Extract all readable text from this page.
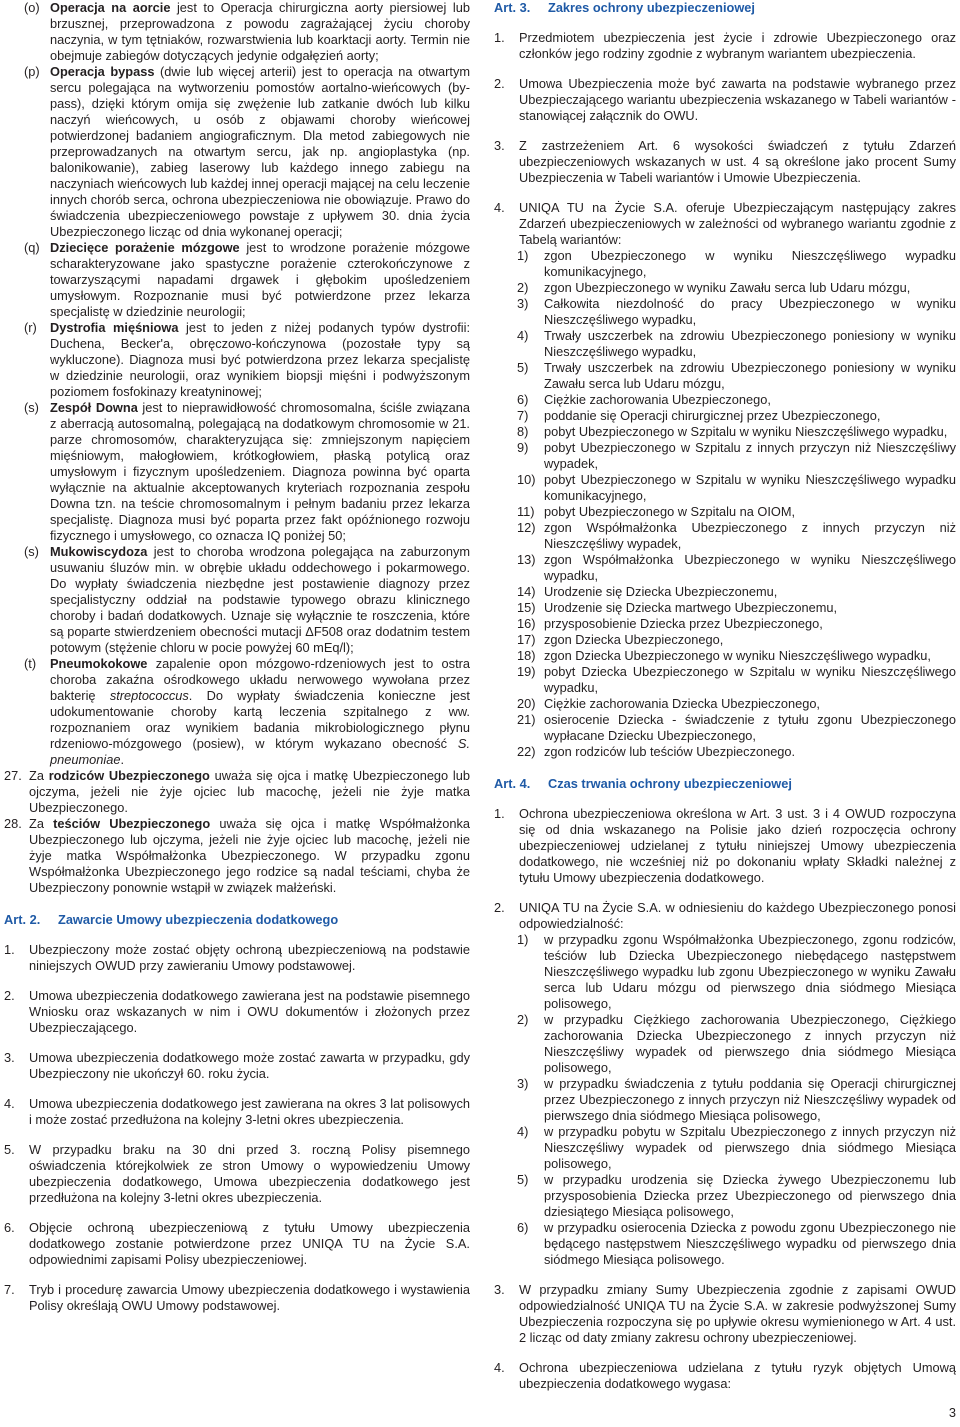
(o) Operacja na aorcie jest to Operacja chirurgiczna aorty piersiowej lub brzusznej, przeprowadzona z powodu zagrażającej życiu choroby naczynia, w tym tętniaków, rozwarstwienia lub koarktacji aorty. Termin nie obejmuje zabiegów dotyczących jedynie odgałęzień aorty;
(p) Operacja bypass (dwie lub więcej arterii) jest to operacja na otwartym sercu polegająca na wytworzeniu pomostów aortalno-wieńcowych (by-pass), dzięki którym omija się zwężenie lub zatkanie dwóch lub kilku naczyń wieńcowych, u osób z objawami choroby wieńcowej potwierdzonej badaniem angiograficznym. Dla metod zabiegowych nie przeprowadzanych na otwartym sercu, jak np. angioplastyka (np. balonikowanie), zabieg laserowy lub każdego innego zabiegu na naczyniach wieńcowych lub każdej innej operacji mającej na celu leczenie innych chorób serca, ochrona ubezpieczeniowa nie obowiązuje. Prawo do świadczenia ubezpieczeniowego powstaje z upływem 30. dnia życia Ubezpieczonego licząc od dnia wykonanej operacji;
(q) Dziecięce porażenie mózgowe jest to wrodzone porażenie mózgowe scharakteryzowane jako spastyczne porażenie czterokończynowe z towarzyszącymi napadami drgawek i głębokim upośledzeniem umysłowym. Rozpoznanie musi być potwierdzone przez lekarza specjalistę w dziedzinie neurologii;
(r) Dystrofia mięśniowa jest to jeden z niżej podanych typów dystrofii: Duchena, Becker'a, obręczowo-kończynowa (pozostałe typy są wykluczone). Diagnoza musi być potwierdzona przez lekarza specjalistę w dziedzinie neurologii, oraz wynikiem biopsji mięśni i podwyższonym poziomem fosfokinazy kreatyninowej;
(s) Zespół Downa jest to nieprawidłowość chromosomalna, ściśle związana z aberracją autosomalną, polegającą na dodatkowym chromosomie w 21. parze chromosomów, charakteryzująca się: zmniejszonym napięciem mięśniowym, małogłowiem, krótkogłowiem, płaską potylicą oraz umysłowym i fizycznym upośledzeniem. Diagnoza powinna być oparta wyłącznie na aktualnie akceptowanych kryteriach rozpoznania zespołu Downa tzn. na teście chromosomalnym i pełnym badaniu przez lekarza specjalistę. Diagnoza musi być poparta przez fakt opóźnionego rozwoju fizycznego i umysłowego, co oznacza IQ poniżej 50;
(s) Mukowiscydoza jest to choroba wrodzona polegająca na zaburzonym usuwaniu śluzów min. w obrębie układu oddechowego i pokarmowego. Do wypłaty świadczenia niezbędne jest postawienie diagnozy przez specjalistyczny oddział na podstawie typowego obrazu klinicznego choroby i badań dodatkowych. Uznaje się wyłącznie te roszczenia, które są poparte stwierdzeniem obecności mutacji ΔF508 oraz dodatnim testem potowym (stężenie chloru w pocie powyżej 60 mEq/l);
(t) Pneumokokowe zapalenie opon mózgowo-rdzeniowych jest to ostra choroba zakaźna ośrodkowego układu nerwowego wywołana przez bakterię streptococcus. Do wypłaty świadczenia konieczne jest udokumentowanie choroby kartą leczenia szpitalnego z ww. rozpoznaniem oraz wynikiem badania mikrobiologicznego płynu rdzeniowo-mózgowego (posiew), w którym wykazano obecność S. pneumoniae.
27. Za rodziców Ubezpieczonego uważa się ojca i matkę Ubezpieczonego lub ojczyma, jeżeli nie żyje ojciec lub macochę, jeżeli nie żyje matka Ubezpieczonego.
28. Za teściów Ubezpieczonego uważa się ojca i matkę Współmałżonka Ubezpieczonego lub ojczyma, jeżeli nie żyje ojciec lub macochę, jeżeli nie żyje matka Współmałżonka Ubezpieczonego. W przypadku zgonu Współmałżonka Ubezpieczonego jego rodzice są nadal teściami, chyba że Ubezpieczony ponownie wstąpił w związek małżeński.
Art. 2. Zawarcie Umowy ubezpieczenia dodatkowego
1. Ubezpieczony może zostać objęty ochroną ubezpieczeniową na podstawie niniejszych OWUD przy zawieraniu Umowy podstawowej.
2. Umowa ubezpieczenia dodatkowego zawierana jest na podstawie pisemnego Wniosku oraz wskazanych w nim i OWU dokumentów i złożonych przez Ubezpieczającego.
3. Umowa ubezpieczenia dodatkowego może zostać zawarta w przypadku, gdy Ubezpieczony nie ukończył 60. roku życia.
4. Umowa ubezpieczenia dodatkowego jest zawierana na okres 3 lat polisowych i może zostać przedłużona na kolejny 3-letni okres ubezpieczenia.
5. W przypadku braku na 30 dni przed 3. roczną Polisy pisemnego oświadczenia którejkolwiek ze stron Umowy o wypowiedzeniu Umowy ubezpieczenia dodatkowego, Umowa ubezpieczenia dodatkowego jest przedłużona na kolejny 3-letni okres ubezpieczenia.
6. Objęcie ochroną ubezpieczeniową z tytułu Umowy ubezpieczenia dodatkowego zostanie potwierdzone przez UNIQA TU na Życie S.A. odpowiednimi zapisami Polisy ubezpieczeniowej.
7. Tryb i procedurę zawarcia Umowy ubezpieczenia dodatkowego i wystawienia Polisy określają OWU Umowy podstawowej.
Art. 3. Zakres ochrony ubezpieczeniowej
1. Przedmiotem ubezpieczenia jest życie i zdrowie Ubezpieczonego oraz członków jego rodziny zgodnie z wybranym wariantem ubezpieczenia.
2. Umowa Ubezpieczenia może być zawarta na podstawie wybranego przez Ubezpieczającego wariantu ubezpieczenia wskazanego w Tabeli wariantów - stanowiącej załącznik do OWU.
3. Z zastrzeżeniem Art. 6 wysokości świadczeń z tytułu Zdarzeń ubezpieczeniowych wskazanych w ust. 4 są określone jako procent Sumy Ubezpieczenia w Tabeli wariantów i Umowie Ubezpieczenia.
4. UNIQA TU na Życie S.A. oferuje Ubezpieczającym następujący zakres Zdarzeń ubezpieczeniowych w zależności od wybranego wariantu zgodnie z Tabelą wariantów:
1) zgon Ubezpieczonego w wyniku Nieszczęśliwego wypadku komunikacyjnego,
2) zgon Ubezpieczonego w wyniku Zawału serca lub Udaru mózgu,
3) Całkowita niezdolność do pracy Ubezpieczonego w wyniku Nieszczęśliwego wypadku,
4) Trwały uszczerbek na zdrowiu Ubezpieczonego poniesiony w wyniku Nieszczęśliwego wypadku,
5) Trwały uszczerbek na zdrowiu Ubezpieczonego poniesiony w wyniku Zawału serca lub Udaru mózgu,
6) Ciężkie zachorowania Ubezpieczonego,
7) poddanie się Operacji chirurgicznej przez Ubezpieczonego,
8) pobyt Ubezpieczonego w Szpitalu w wyniku Nieszczęśliwego wypadku,
9) pobyt Ubezpieczonego w Szpitalu z innych przyczyn niż Nieszczęśliwy wypadek,
10) pobyt Ubezpieczonego w Szpitalu w wyniku Nieszczęśliwego wypadku komunikacyjnego,
11) pobyt Ubezpieczonego w Szpitalu na OIOM,
12) zgon Współmałżonka Ubezpieczonego z innych przyczyn niż Nieszczęśliwy wypadek,
13) zgon Współmałżonka Ubezpieczonego w wyniku Nieszczęśliwego wypadku,
14) Urodzenie się Dziecka Ubezpieczonemu,
15) Urodzenie się Dziecka martwego Ubezpieczonemu,
16) przysposobienie Dziecka przez Ubezpieczonego,
17) zgon Dziecka Ubezpieczonego,
18) zgon Dziecka Ubezpieczonego w wyniku Nieszczęśliwego wypadku,
19) pobyt Dziecka Ubezpieczonego w Szpitalu w wyniku Nieszczęśliwego wypadku,
20) Ciężkie zachorowania Dziecka Ubezpieczonego,
21) osierocenie Dziecka - świadczenie z tytułu zgonu Ubezpieczonego wypłacane Dziecku Ubezpieczonego,
22) zgon rodziców lub teściów Ubezpieczonego.
Art. 4. Czas trwania ochrony ubezpieczeniowej
1. Ochrona ubezpieczeniowa określona w Art. 3 ust. 3 i 4 OWUD rozpoczyna się od dnia wskazanego na Polisie jako dzień rozpoczęcia ochrony ubezpieczeniowej udzielanej z tytułu niniejszej Umowy ubezpieczenia dodatkowego, nie wcześniej niż po dokonaniu wpłaty Składki należnej z tytułu Umowy ubezpieczenia dodatkowego.
2. UNIQA TU na Życie S.A. w odniesieniu do każdego Ubezpieczonego ponosi odpowiedzialność:
1) w przypadku zgonu Współmałżonka Ubezpieczonego, zgonu rodziców, teściów lub Dziecka Ubezpieczonego niebędącego następstwem Nieszczęśliwego wypadku lub zgonu Ubezpieczonego w wyniku Zawału serca lub Udaru mózgu od pierwszego dnia siódmego Miesiąca polisowego,
2) w przypadku Ciężkiego zachorowania Ubezpieczonego, Ciężkiego zachorowania Dziecka Ubezpieczonego z innych przyczyn niż Nieszczęśliwy wypadek od pierwszego dnia siódmego Miesiąca polisowego,
3) w przypadku świadczenia z tytułu poddania się Operacji chirurgicznej przez Ubezpieczonego z innych przyczyn niż Nieszczęśliwy wypadek od pierwszego dnia siódmego Miesiąca polisowego,
4) w przypadku pobytu w Szpitalu Ubezpieczonego z innych przyczyn niż Nieszczęśliwy wypadek od pierwszego dnia siódmego Miesiąca polisowego,
5) w przypadku urodzenia się Dziecka żywego Ubezpieczonemu lub przysposobienia Dziecka przez Ubezpieczonego od pierwszego dnia dziesiątego Miesiąca polisowego,
6) w przypadku osierocenia Dziecka z powodu zgonu Ubezpieczonego nie będącego następstwem Nieszczęśliwego wypadku od pierwszego dnia siódmego Miesiąca polisowego.
3. W przypadku zmiany Sumy Ubezpieczenia zgodnie z zapisami OWUD odpowiedzialność UNIQA TU na Życie S.A. w zakresie podwyższonej Sumy Ubezpieczenia rozpoczyna się po upływie okresu wymienionego w Art. 4 ust. 2 licząc od daty zmiany zakresu ochrony ubezpieczeniowej.
4. Ochrona ubezpieczeniowa udzielana z tytułu ryzyk objętych Umową ubezpieczenia dodatkowego wygasa:
3
